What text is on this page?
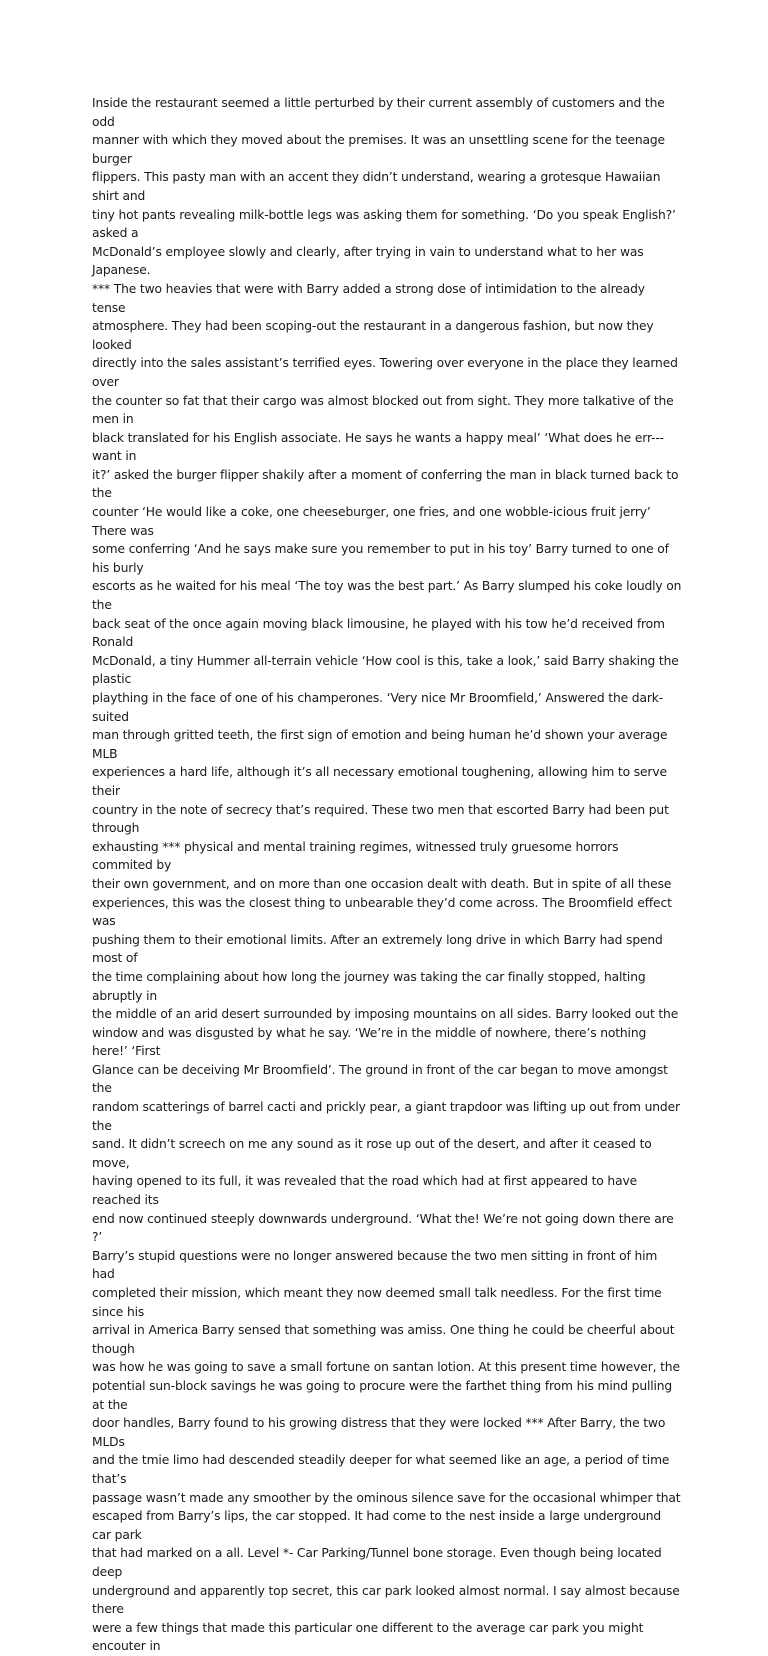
Inside the restaurant seemed a little perturbed by their current assembly of customers and the odd
manner with which they moved about the premises. It was an unsettling scene for the teenage burger
flippers. This pasty man with an accent they didn’t understand, wearing a grotesque Hawaiian shirt and
tiny hot pants revealing milk-bottle legs was asking them for something. ‘Do you speak English?’ asked a
McDonald’s employee slowly and clearly, after trying in vain to understand what to her was Japanese.
*** The two heavies that were with Barry added a strong dose of intimidation to the already tense
atmosphere. They had been scoping-out the restaurant in a dangerous fashion, but now they looked
directly into the sales assistant’s terrified eyes. Towering over everyone in the place they learned over
the counter so fat that their cargo was almost blocked out from sight. They more talkative of the men in
black translated for his English associate. He says he wants a happy meal’ ‘What does he err--- want in
it?’ asked the burger flipper shakily after a moment of conferring the man in black turned back to the
counter ‘He would like a coke, one cheeseburger, one fries, and one wobble-icious fruit jerry’ There was
some conferring ‘And he says make sure you remember to put in his toy’ Barry turned to one of his burly
escorts as he waited for his meal ‘The toy was the best part.’ As Barry slumped his coke loudly on the
back seat of the once again moving black limousine, he played with his tow he’d received from Ronald
McDonald, a tiny Hummer all-terrain vehicle ‘How cool is this, take a look,’ said Barry shaking the plastic
plaything in the face of one of his champerones. ‘Very nice Mr Broomfield,’ Answered the dark-suited
man through gritted teeth, the first sign of emotion and being human he’d shown your average MLB
experiences a hard life, although it’s all necessary emotional toughening, allowing him to serve their
country in the note of secrecy that’s required. These two men that escorted Barry had been put through
exhausting *** physical and mental training regimes, witnessed truly gruesome horrors commited by
their own government, and on more than one occasion dealt with death. But in spite of all these
experiences, this was the closest thing to unbearable they’d come across. The Broomfield effect was
pushing them to their emotional limits. After an extremely long drive in which Barry had spend most of
the time complaining about how long the journey was taking the car finally stopped, halting abruptly in
the middle of an arid desert surrounded by imposing mountains on all sides. Barry looked out the
window and was disgusted by what he say. ‘We’re in the middle of nowhere, there’s nothing here!’ ‘First
Glance can be deceiving Mr Broomfield’. The ground in front of the car began to move amongst the
random scatterings of barrel cacti and prickly pear, a giant trapdoor was lifting up out from under the
sand. It didn’t screech on me any sound as it rose up out of the desert, and after it ceased to move,
having opened to its full, it was revealed that the road which had at first appeared to have reached its
end now continued steeply downwards underground. ‘What the! We’re not going down there are ?’
Barry’s stupid questions were no longer answered because the two men sitting in front of him had
completed their mission, which meant they now deemed small talk needless. For the first time since his
arrival in America Barry sensed that something was amiss. One thing he could be cheerful about though
was how he was going to save a small fortune on santan lotion. At this present time however, the
potential sun-block savings he was going to procure were the farthet thing from his mind pulling at the
door handles, Barry found to his growing distress that they were locked *** After Barry, the two MLDs
and the tmie limo had descended steadily deeper for what seemed like an age, a period of time that’s
passage wasn’t made any smoother by the ominous silence save for the occasional whimper that
escaped from Barry’s lips, the car stopped. It had come to the nest inside a large underground car park
that had marked on a all. Level *- Car Parking/Tunnel bone storage. Even though being located deep
underground and apparently top secret, this car park looked almost normal. I say almost because there
were a few things that made this particular one different to the average car park you might encouter in
